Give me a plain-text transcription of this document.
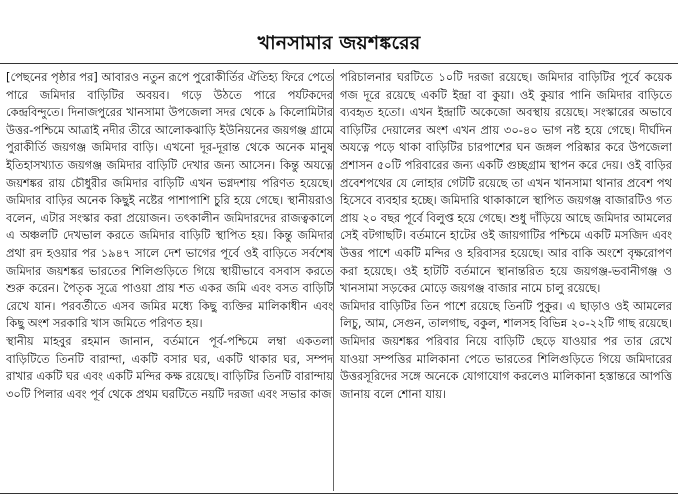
খানসামার জয়শঙ্করের

[পেছনের পৃষ্ঠার পর] আবারও নতুন রূপে পুরোকীর্তির ঐতিহ্য ফিরে পেতে পারে জমিদার বাড়িটির অবয়ব। গড়ে উঠতে পারে পর্যটকদের কেন্দ্রবিন্দুতে। দিনাজপুরের খানসামা উপজেলা সদর থেকে ৯ কিলোমিটার উত্তর-পশ্চিমে আত্রাই নদীর তীরে আলোকঝাড়ি ইউনিয়নের জয়গঞ্জ গ্রামে পুরাকীর্তি জয়গঞ্জ জমিদার বাড়ি। এখনো দূর-দূরান্ত থেকে অনেক মানুষ ইতিহাসখ্যাত জয়গঞ্জ জমিদার বাড়িটি দেখার জন্য আসেন। কিন্তু অযত্নে জয়শঙ্কর রায় চৌধুরীর জমিদার বাড়িটি এখন ভগ্নদশায় পরিণত হয়েছে। জমিদার বাড়ির অনেক কিছুই নষ্টের পাশাপাশি চুরি হয়ে গেছে। স্থানীয়রাও বলেন, এটার সংস্কার করা প্রয়োজন। তৎকালীন জমিদারদের রাজত্বকালে এ অঞ্চলটি দেখভাল করতে জমিদার বাড়িটি স্থাপিত হয়। কিন্তু জমিদার প্রথা রদ হওয়ার পর ১৯৪৭ সালে দেশ ভাগের পূর্বে ওই বাড়িতে সর্বশেষ জমিদার জয়শঙ্কর ভারতের শিলিগুড়িতে গিয়ে স্থায়ীভাবে বসবাস করতে শুরু করেন। পৈতৃক সূত্রে পাওয়া প্রায় শত একর জমি এবং বসত বাড়িটি রেখে যান। পরবর্তীতে এসব জমির মধ্যে কিছু ব্যক্তির মালিকাধীন এবং কিছু অংশ সরকারি খাস জমিতে পরিণত হয়।

স্থানীয় মাহবুর রহমান জানান, বর্তমানে পূর্ব-পশ্চিমে লম্বা একতলা বাড়িটিতে তিনটি বারান্দা, একটি বসার ঘর, একটি থাকার ঘর, সম্পদ রাখার একটি ঘর এবং একটি মন্দির কক্ষ রয়েছে। বাড়িটির তিনটি বারান্দায় ৩০টি পিলার এবং পূর্ব থেকে প্রথম ঘরটিতে নয়টি দরজা এবং সভার কাজ

পরিচালনার ঘরটিতে ১০টি দরজা রয়েছে। জমিদার বাড়িটির পূর্বে কয়েক গজ দূরে রয়েছে একটি ইন্দ্রা বা কুয়া। ওই কুয়ার পানি জমিদার বাড়িতে ব্যবহৃত হতো। এখন ইন্দ্রাটি অকেজো অবস্থায় রয়েছে। সংস্কারের অভাবে বাড়িটির দেয়ালের অংশ এখন প্রায় ৩০-৪০ ভাগ নষ্ট হয়ে গেছে। দীর্ঘদিন অযত্নে পড়ে থাকা বাড়িটির চারপাশের ঘন জঙ্গল পরিষ্কার করে উপজেলা প্রশাসন ৫০টি পরিবারের জন্য একটি গুচ্ছগ্রাম স্থাপন করে দেয়। ওই বাড়ির প্রবেশপথের যে লোহার গেটটি রয়েছে তা এখন খানসামা থানার প্রবেশ পথ হিসেবে ব্যবহার হচ্ছে। জমিদারি থাকাকালে স্থাপিত জয়গঞ্জ বাজারটিও গত প্রায় ২০ বছর পূর্বে বিলুপ্ত হয়ে গেছে। শুধু দাঁড়িয়ে আছে জমিদার আমলের সেই বটগাছটি। বর্তমানে হাটের ওই জায়গাটির পশ্চিমে একটি মসজিদ এবং উত্তর পাশে একটি মন্দির ও হরিবাসর হয়েছে। আর বাকি অংশে বৃক্ষরোপণ করা হয়েছে। ওই হাটটি বর্তমানে স্থানান্তরিত হয়ে জয়গঞ্জ-ভবানীগঞ্জ ও খানসামা সড়কের মোড়ে জয়গঞ্জ বাজার নামে চালু রয়েছে।

জমিদার বাড়িটির তিন পাশে রয়েছে তিনটি পুকুর। এ ছাড়াও ওই আমলের লিচু, আম, সেগুন, তালগাছ, বকুল, শালসহ বিভিন্ন ২০-২২টি গাছ রয়েছে। জমিদার জয়শঙ্কর পরিবার নিয়ে বাড়িটি ছেড়ে যাওয়ার পর তার রেখে যাওয়া সম্পত্তির মালিকানা পেতে ভারতের শিলিগুড়িতে গিয়ে জমিদারের উত্তরসূরিদের সঙ্গে অনেকে যোগাযোগ করলেও মালিকানা হস্তান্তরে আপত্তি জানায় বলে শোনা যায়।
